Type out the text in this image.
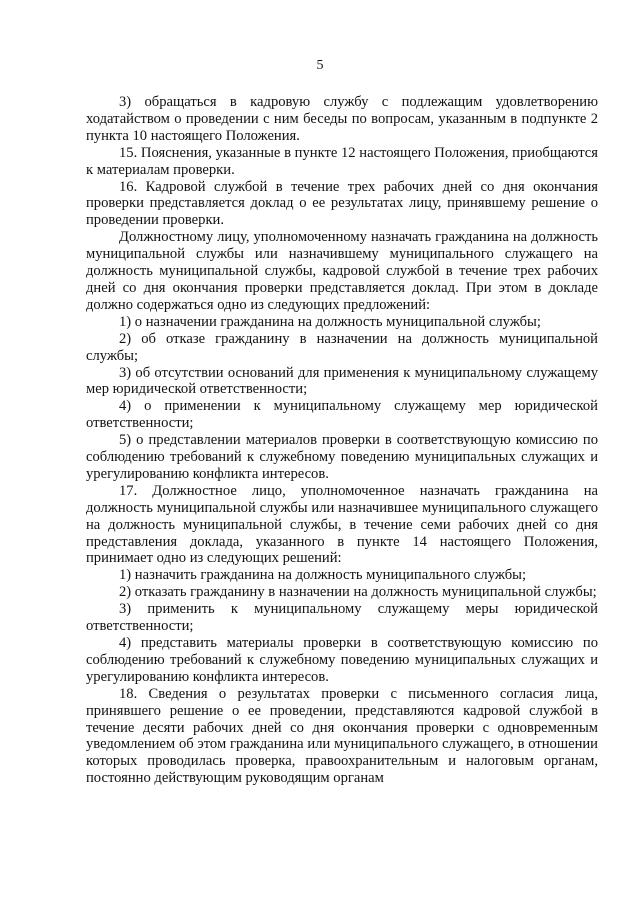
5

3) обращаться в кадровую службу с подлежащим удовлетворению ходатайством о проведении с ним беседы по вопросам, указанным в подпункте 2 пункта 10 настоящего Положения.

15. Пояснения, указанные в пункте 12 настоящего Положения, приобщаются к материалам проверки.

16. Кадровой службой в течение трех рабочих дней со дня окончания проверки представляется доклад о ее результатах лицу, принявшему решение о проведении проверки.

Должностному лицу, уполномоченному назначать гражданина на должность муниципальной службы или назначившему муниципального служащего на должность муниципальной службы, кадровой службой в течение трех рабочих дней со дня окончания проверки представляется доклад. При этом в докладе должно содержаться одно из следующих предложений:

1) о назначении гражданина на должность муниципальной службы;

2) об отказе гражданину в назначении на должность муниципальной службы;

3) об отсутствии оснований для применения к муниципальному служащему мер юридической ответственности;

4) о применении к муниципальному служащему мер юридической ответственности;

5) о представлении материалов проверки в соответствующую комиссию по соблюдению требований к служебному поведению муниципальных служащих и урегулированию конфликта интересов.

17. Должностное лицо, уполномоченное назначать гражданина на должность муниципальной службы или назначившее муниципального служащего на должность муниципальной службы, в течение семи рабочих дней со дня представления доклада, указанного в пункте 14 настоящего Положения, принимает одно из следующих решений:

1) назначить гражданина на должность муниципального службы;

2) отказать гражданину в назначении на должность муниципальной службы;

3) применить к муниципальному служащему меры юридической ответственности;

4) представить материалы проверки в соответствующую комиссию по соблюдению требований к служебному поведению муниципальных служащих и урегулированию конфликта интересов.

18. Сведения о результатах проверки с письменного согласия лица, принявшего решение о ее проведении, представляются кадровой службой в течение десяти рабочих дней со дня окончания проверки с одновременным уведомлением об этом гражданина или муниципального служащего, в отношении которых проводилась проверка, правоохранительным и налоговым органам, постоянно действующим руководящим органам
